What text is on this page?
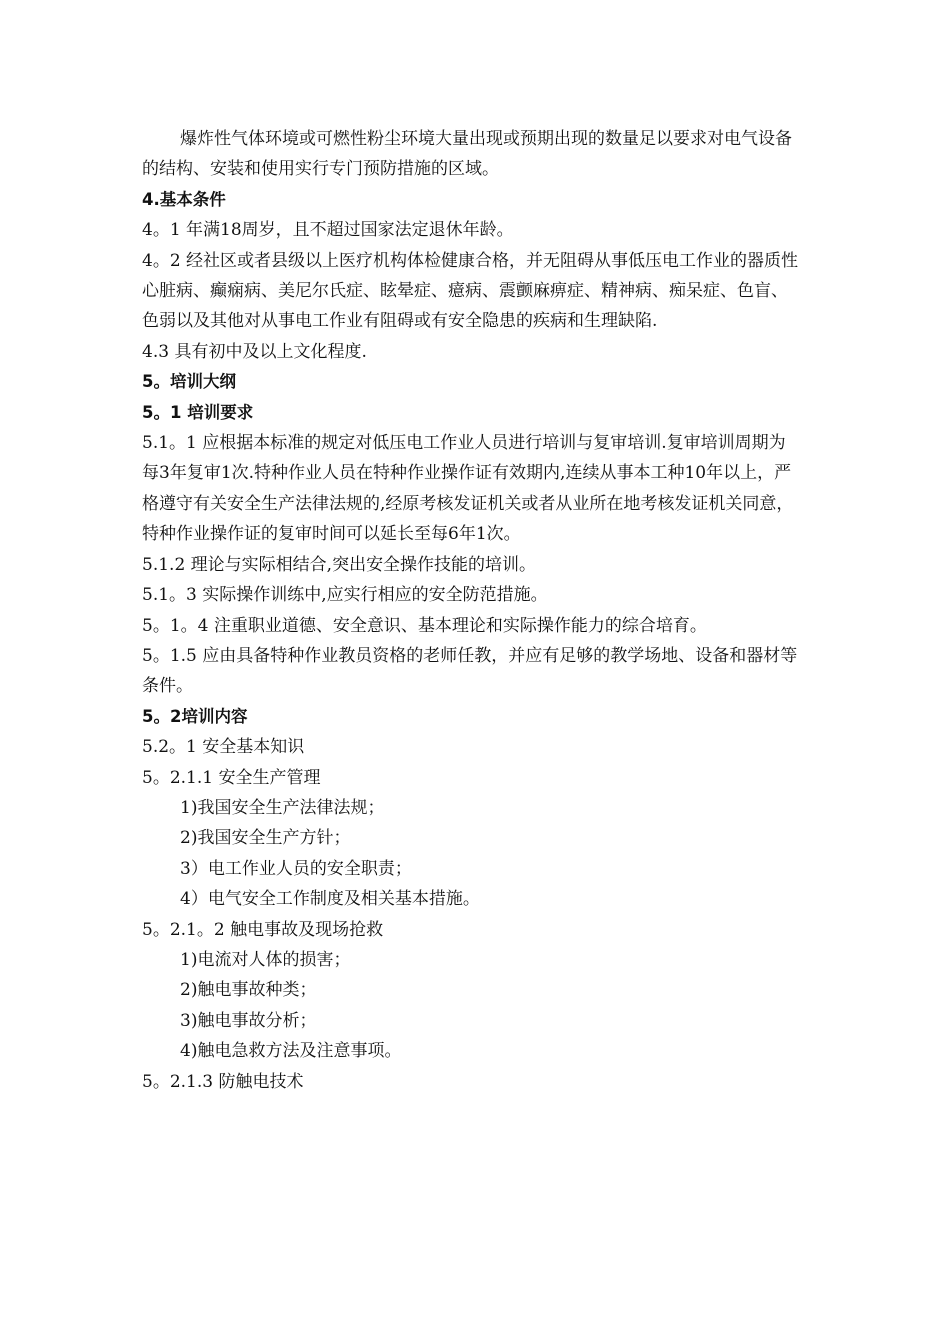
爆炸性气体环境或可燃性粉尘环境大量出现或预期出现的数量足以要求对电气设备的结构、安装和使用实行专门预防措施的区域。
4.基本条件
4。1 年满18周岁，且不超过国家法定退休年龄。
4。2 经社区或者县级以上医疗机构体检健康合格，并无阻碍从事低压电工作业的器质性心脏病、癫痫病、美尼尔氏症、眩晕症、癔病、震颤麻痹症、精神病、痴呆症、色盲、色弱以及其他对从事电工作业有阻碍或有安全隐患的疾病和生理缺陷.
4.3 具有初中及以上文化程度.
5。培训大纲
5。1 培训要求
5.1。1 应根据本标准的规定对低压电工作业人员进行培训与复审培训.复审培训周期为每3年复审1次.特种作业人员在特种作业操作证有效期内,连续从事本工种10年以上，严格遵守有关安全生产法律法规的,经原考核发证机关或者从业所在地考核发证机关同意，特种作业操作证的复审时间可以延长至每6年1次。
5.1.2 理论与实际相结合,突出安全操作技能的培训。
5.1。3 实际操作训练中,应实行相应的安全防范措施。
5。1。4 注重职业道德、安全意识、基本理论和实际操作能力的综合培育。
5。1.5 应由具备特种作业教员资格的老师任教，并应有足够的教学场地、设备和器材等条件。
5。2培训内容
5.2。1 安全基本知识
5。2.1.1 安全生产管理
1)我国安全生产法律法规；
2)我国安全生产方针；
3）电工作业人员的安全职责；
4）电气安全工作制度及相关基本措施。
5。2.1。2 触电事故及现场抢救
1)电流对人体的损害；
2)触电事故种类；
3)触电事故分析；
4)触电急救方法及注意事项。
5。2.1.3 防触电技术
